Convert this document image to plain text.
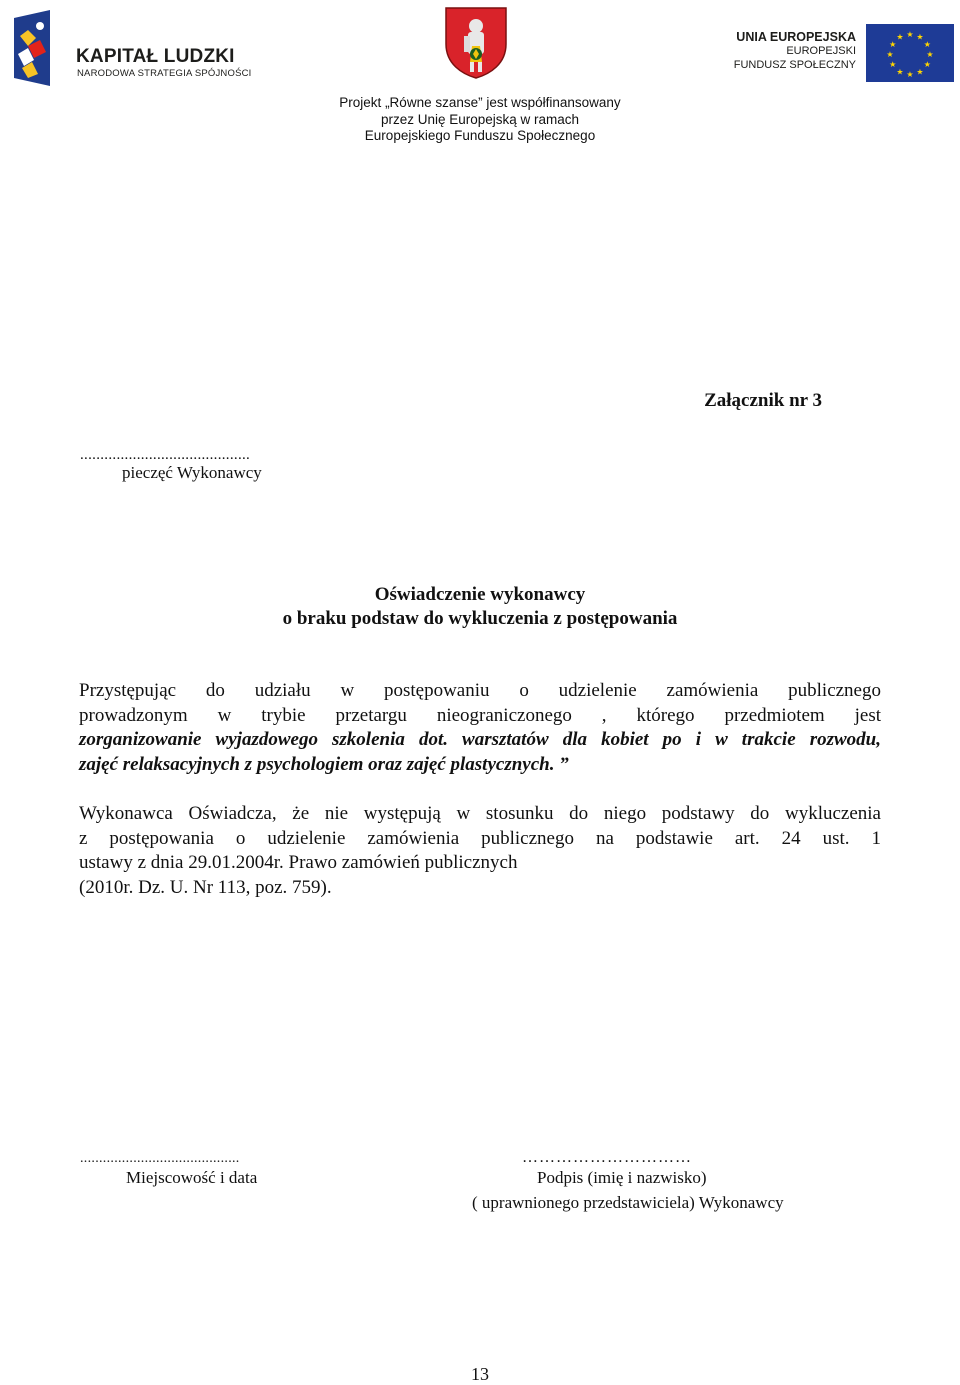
KAPITAŁ LUDZKI
NARODOWA STRATEGIA SPÓJNOŚCI
UNIA EUROPEJSKA
EUROPEJSKI
FUNDUSZ SPOŁECZNY
★ ★
★
★
★
★
★
★
★
★
★
★
Projekt „Równe szanse” jest współfinansowany
przez Unię Europejską w ramach
Europejskiego Funduszu Społecznego
Załącznik nr 3
..........................................
pieczęć Wykonawcy
Oświadczenie wykonawcy
o braku podstaw do wykluczenia z postępowania
Przystępując do udziału w postępowaniu o udzielenie zamówienia publicznego
prowadzonym w trybie przetargu nieograniczonego , którego przedmiotem jest
zorganizowanie wyjazdowego szkolenia dot. warsztatów dla kobiet po i w trakcie rozwodu,
zajęć relaksacyjnych z psychologiem oraz zajęć plastycznych. ”
Wykonawca Oświadcza, że nie występują w stosunku do niego podstawy do wykluczenia
z postępowania o udzielenie zamówienia publicznego na podstawie art. 24 ust. 1
ustawy z dnia 29.01.2004r. Prawo zamówień publicznych
(2010r. Dz. U. Nr 113, poz. 759).
..........................................	…………………………
Miejscowość i data	Podpis (imię i nazwisko)
( uprawnionego przedstawiciela) Wykonawcy
13
